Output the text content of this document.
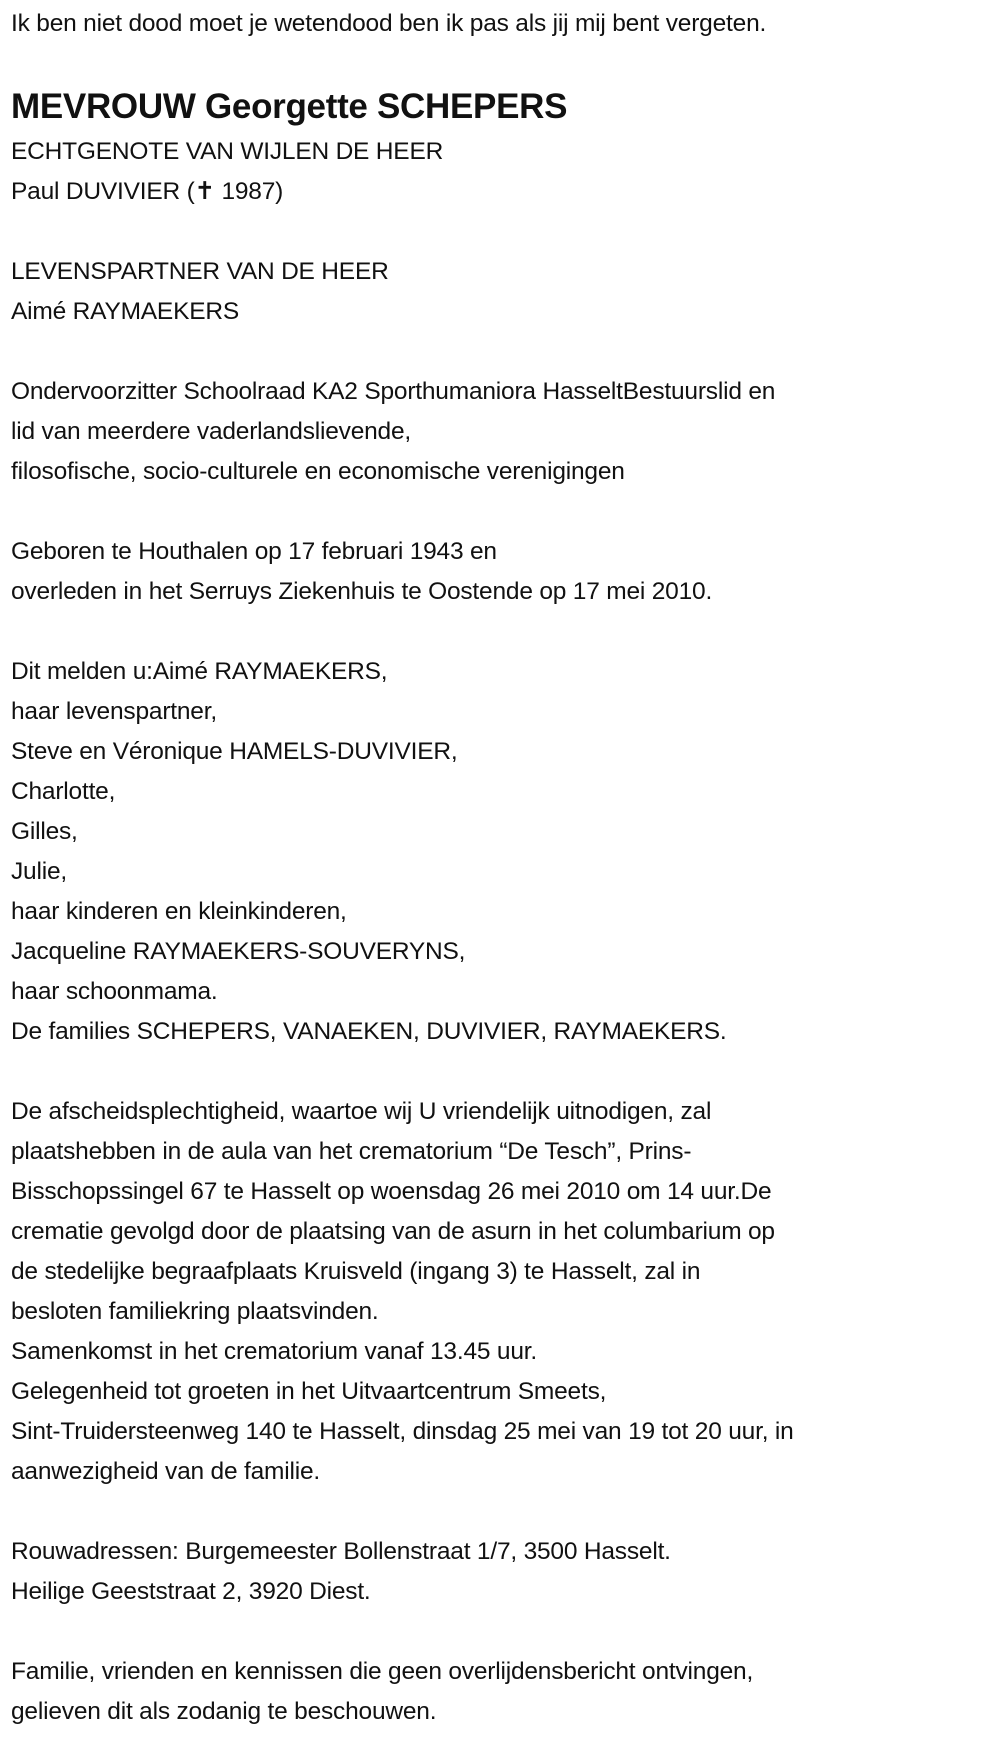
Ik ben niet dood moet je wetendood ben ik pas als jij mij bent vergeten.
MEVROUW Georgette SCHEPERS
ECHTGENOTE VAN WIJLEN DE HEER
Paul DUVIVIER (✝ 1987)
LEVENSPARTNER VAN DE HEER
Aimé RAYMAEKERS
Ondervoorzitter Schoolraad KA2 Sporthumaniora HasseltBestuurslid en
lid van meerdere vaderlandslievende,
filosofische, socio-culturele en economische verenigingen
Geboren te Houthalen op 17 februari 1943 en
overleden in het Serruys Ziekenhuis te Oostende op 17 mei 2010.
Dit melden u:Aimé RAYMAEKERS,
haar levenspartner,
Steve en Véronique HAMELS-DUVIVIER,
Charlotte,
Gilles,
Julie,
haar kinderen en kleinkinderen,
Jacqueline RAYMAEKERS-SOUVERYNS,
haar schoonmama.
De families SCHEPERS, VANAEKEN, DUVIVIER, RAYMAEKERS.
De afscheidsplechtigheid, waartoe wij U vriendelijk uitnodigen, zal
plaatshebben in de aula van het crematorium “De Tesch”, Prins-
Bisschopssingel 67 te Hasselt op woensdag 26 mei 2010 om 14 uur.De
crematie gevolgd door de plaatsing van de asurn in het columbarium op
de stedelijke begraafplaats Kruisveld (ingang 3) te Hasselt, zal in
besloten familiekring plaatsvinden.
Samenkomst in het crematorium vanaf 13.45 uur.
Gelegenheid tot groeten in het Uitvaartcentrum Smeets,
Sint-Truidersteenweg 140 te Hasselt, dinsdag 25 mei van 19 tot 20 uur, in
aanwezigheid van de familie.
Rouwadressen: Burgemeester Bollenstraat 1/7, 3500 Hasselt.
Heilige Geeststraat 2, 3920 Diest.
Familie, vrienden en kennissen die geen overlijdensbericht ontvingen,
gelieven dit als zodanig te beschouwen.
